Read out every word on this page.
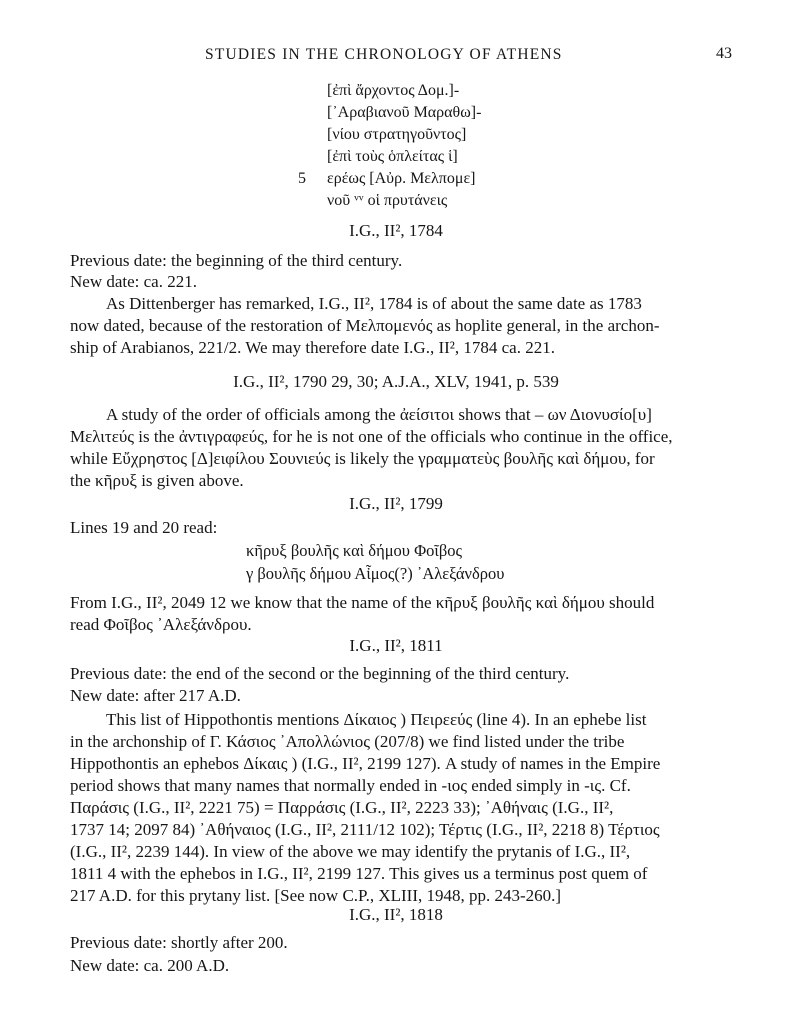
STUDIES IN THE CHRONOLOGY OF ATHENS	43
[ἐπὶ ἄρχοντος Δομ.]-
[᾿Αραβιανοῦ Μαραθω]-
[νίου στρατηγοῦντος]
[ἐπὶ τοὺς ὁπλείτας ἱ]
5 ερέως [Αὐρ. Μελπομε]
νοῦ ᵛᵛ οἱ πρυτάνεις
I.G., II², 1784
Previous date: the beginning of the third century.
New date: ca. 221.
As Dittenberger has remarked, I.G., II², 1784 is of about the same date as 1783
now dated, because of the restoration of Μελπομενός as hoplite general, in the archon-
ship of Arabianos, 221/2. We may therefore date I.G., II², 1784 ca. 221.
I.G., II², 1790 29, 30; A.J.A., XLV, 1941, p. 539
A study of the order of officials among the ἀείσιτοι shows that – ων Διονυσίο[υ]
Μελιτεύς is the ἀντιγραφεύς, for he is not one of the officials who continue in the office,
while Εὔχρηστος [Δ]ειφίλου Σουνιεύς is likely the γραμματεὺς βουλῆς καὶ δήμου, for
the κῆρυξ is given above.
I.G., II², 1799
Lines 19 and 20 read:
κῆρυξ βουλῆς καὶ δήμου Φοῖβος
γ βουλῆς δήμου Αἶμος(?) ᾿Αλεξάνδρου
From I.G., II², 2049 12 we know that the name of the κῆρυξ βουλῆς καὶ δήμου should
read Φοῖβος ᾿Αλεξάνδρου.
I.G., II², 1811
Previous date: the end of the second or the beginning of the third century.
New date: after 217 A.D.
This list of Hippothontis mentions Δίκαιος ) Πειρεεύς (line 4). In an ephebe list
in the archonship of Γ. Κάσιος ᾿Απολλώνιος (207/8) we find listed under the tribe
Hippothontis an ephebos Δίκαις ) (I.G., II², 2199 127). A study of names in the Empire
period shows that many names that normally ended in -ιος ended simply in -ις. Cf.
Παράσις (I.G., II², 2221 75) = Παρράσις (I.G., II², 2223 33); ᾿Αθήναις (I.G., II²,
1737 14; 2097 84) ᾿Αθήναιος (I.G., II², 2111/12 102); Τέρτις (I.G., II², 2218 8) Τέρτιος
(I.G., II², 2239 144). In view of the above we may identify the prytanis of I.G., II²,
1811 4 with the ephebos in I.G., II², 2199 127. This gives us a terminus post quem of
217 A.D. for this prytany list. [See now C.P., XLIII, 1948, pp. 243-260.]
I.G., II², 1818
Previous date: shortly after 200.
New date: ca. 200 A.D.
